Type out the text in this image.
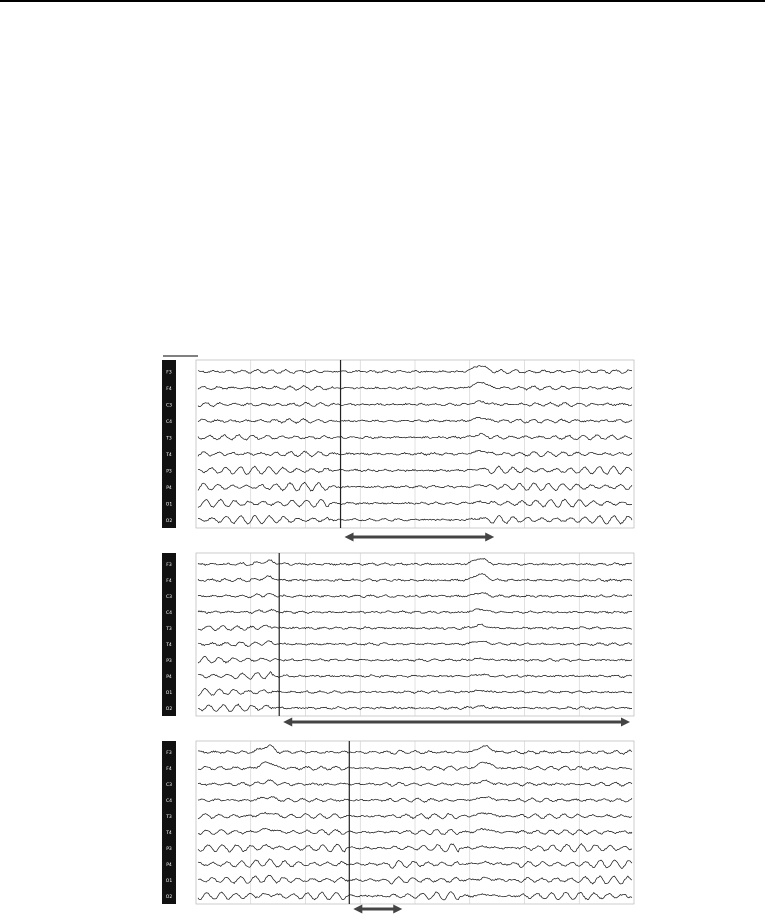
F3
F4
C3
C4
T3
T4
P3
P4
O1
O2
F3
F4
C3
C4
T3
T4
P3
P4
O1
O2
F3
F4
C3
C4
T3
T4
P3
P4
O1
O2
